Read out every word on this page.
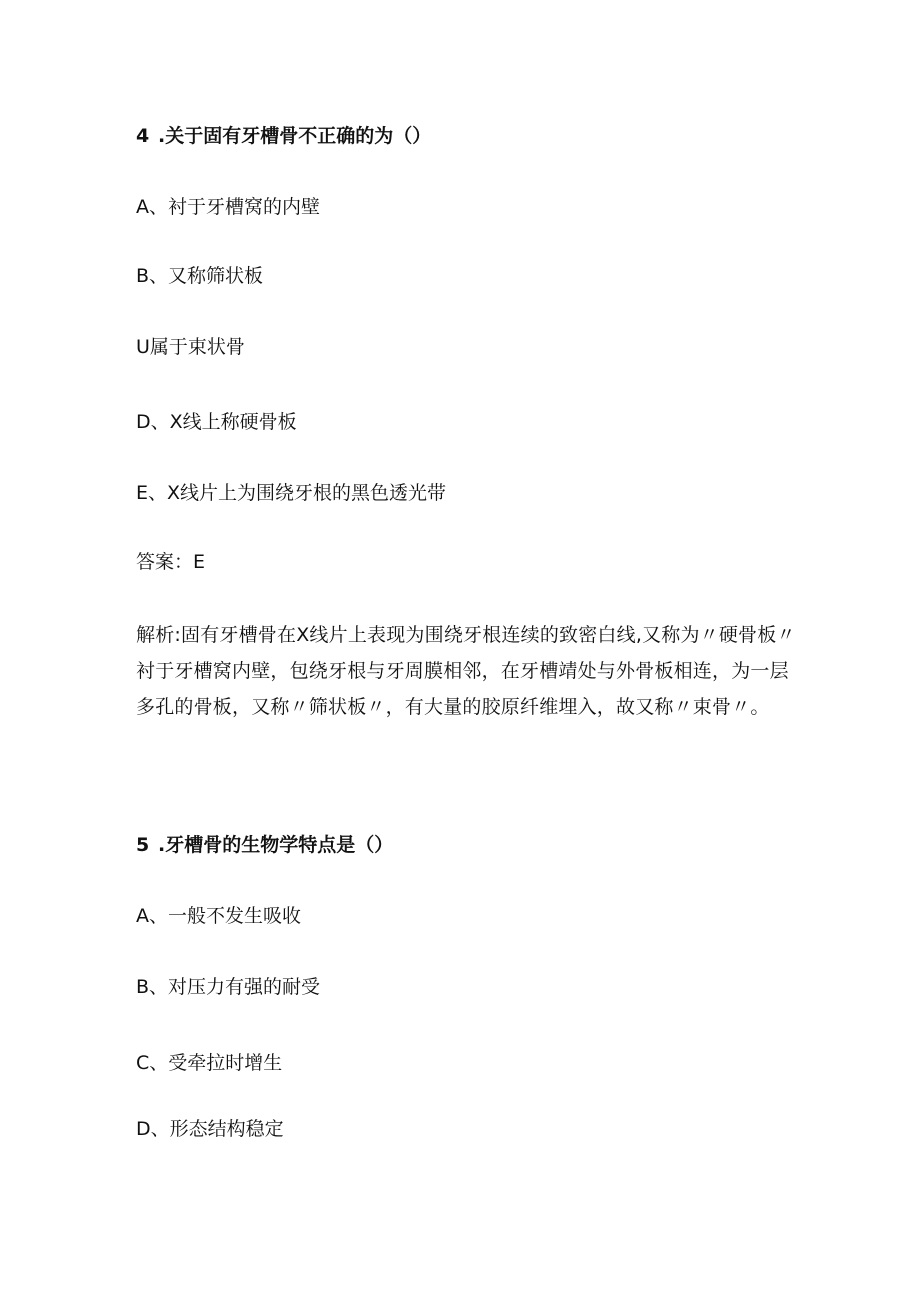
4 .关于固有牙槽骨不正确的为（）
A、衬于牙槽窝的内壁
B、又称筛状板
U属于束状骨
D、X线上称硬骨板
E、X线片上为围绕牙根的黑色透光带
答案：E
解析:固有牙槽骨在X线片上表现为围绕牙根连续的致密白线,又称为〃硬骨板〃衬于牙槽窝内壁，包绕牙根与牙周膜相邻，在牙槽靖处与外骨板相连，为一层多孔的骨板，又称〃筛状板〃，有大量的胶原纤维埋入，故又称〃束骨〃。
5 .牙槽骨的生物学特点是（）
A、一般不发生吸收
B、对压力有强的耐受
C、受牵拉时增生
D、形态结构稳定
